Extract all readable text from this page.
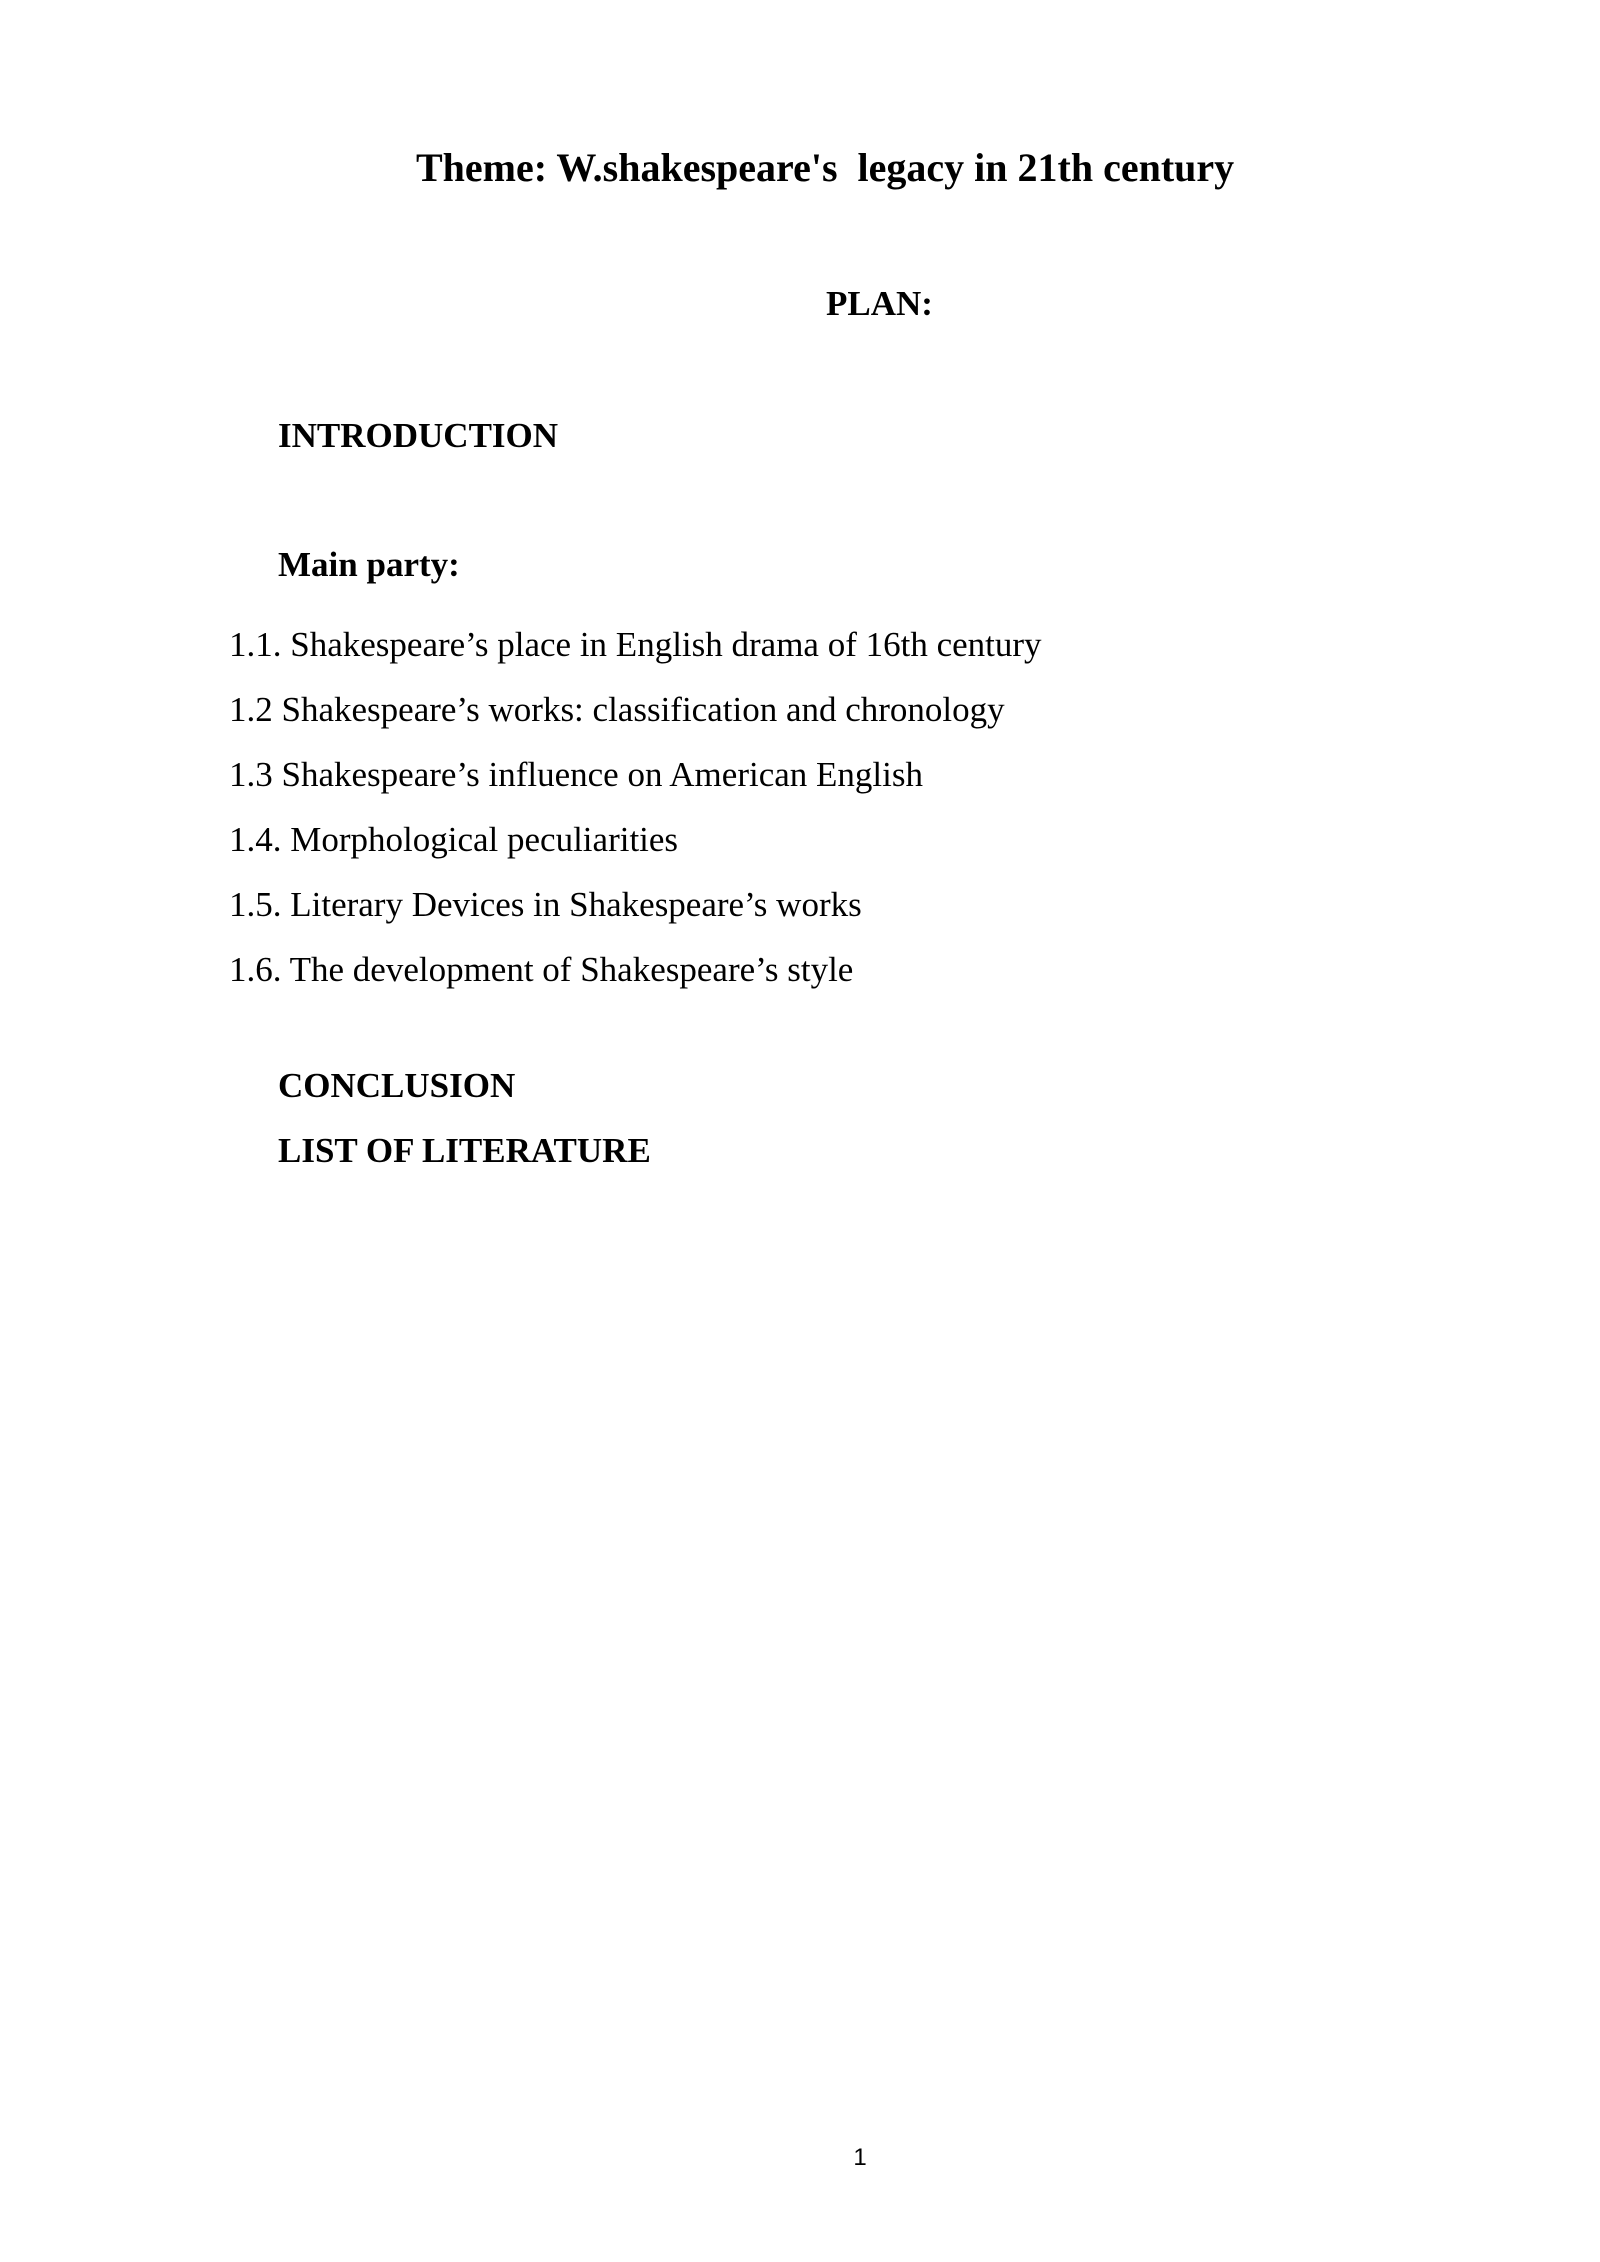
Theme: W.shakespeare's  legacy in 21th century
PLAN:
INTRODUCTION
Main party:
1.1. Shakespeare’s place in English drama of 16th century
1.2 Shakespeare’s works: classification and chronology
1.3 Shakespeare’s influence on American English
1.4. Morphological peculiarities
1.5. Literary Devices in Shakespeare’s works
1.6. The development of Shakespeare’s style
CONCLUSION
LIST OF LITERATURE
1
